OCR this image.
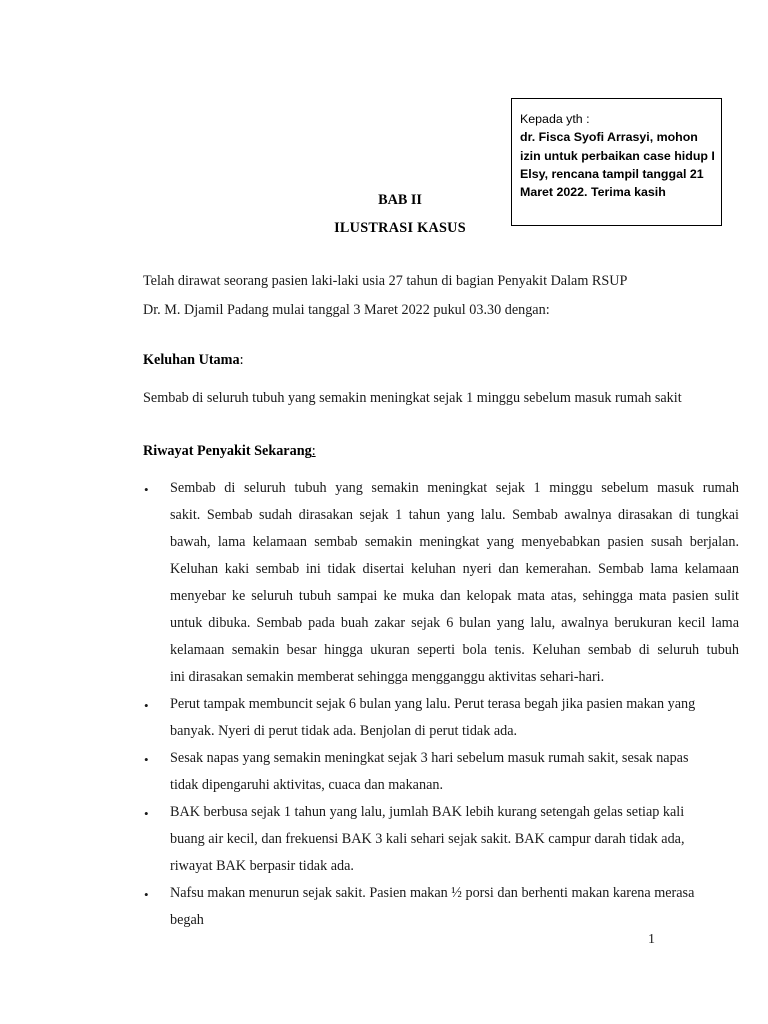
Kepada yth :
dr. Fisca Syofi Arrasyi, mohon
izin untuk perbaikan case hidup I
Elsy, rencana tampil tanggal 21
Maret 2022. Terima kasih
BAB II
ILUSTRASI KASUS
Telah dirawat seorang pasien laki-laki usia 27 tahun di bagian Penyakit Dalam RSUP
Dr. M. Djamil Padang mulai tanggal 3 Maret 2022 pukul 03.30 dengan:
Keluhan Utama:
Sembab di seluruh tubuh yang semakin meningkat sejak 1 minggu sebelum masuk rumah sakit
Riwayat Penyakit Sekarang:
• Sembab di seluruh tubuh yang semakin meningkat sejak 1 minggu sebelum masuk rumah
sakit. Sembab sudah dirasakan sejak 1 tahun yang lalu. Sembab awalnya dirasakan di tungkai
bawah, lama kelamaan sembab semakin meningkat yang menyebabkan pasien susah berjalan.
Keluhan kaki sembab ini tidak disertai keluhan nyeri dan kemerahan. Sembab lama kelamaan
menyebar ke seluruh tubuh sampai ke muka dan kelopak mata atas, sehingga mata pasien sulit
untuk dibuka. Sembab pada buah zakar sejak 6 bulan yang lalu, awalnya berukuran kecil lama
kelamaan semakin besar hingga ukuran seperti bola tenis. Keluhan sembab di seluruh tubuh
ini dirasakan semakin memberat sehingga mengganggu aktivitas sehari-hari.
• Perut tampak membuncit sejak 6 bulan yang lalu. Perut terasa begah jika pasien makan yang
banyak. Nyeri di perut tidak ada. Benjolan di perut tidak ada.
• Sesak napas yang semakin meningkat sejak 3 hari sebelum masuk rumah sakit, sesak napas
tidak dipengaruhi aktivitas, cuaca dan makanan.
• BAK berbusa sejak 1 tahun yang lalu, jumlah BAK lebih kurang setengah gelas setiap kali
buang air kecil, dan frekuensi BAK 3 kali sehari sejak sakit. BAK campur darah tidak ada,
riwayat BAK berpasir tidak ada.
• Nafsu makan menurun sejak sakit. Pasien makan ½ porsi dan berhenti makan karena merasa
begah
1
